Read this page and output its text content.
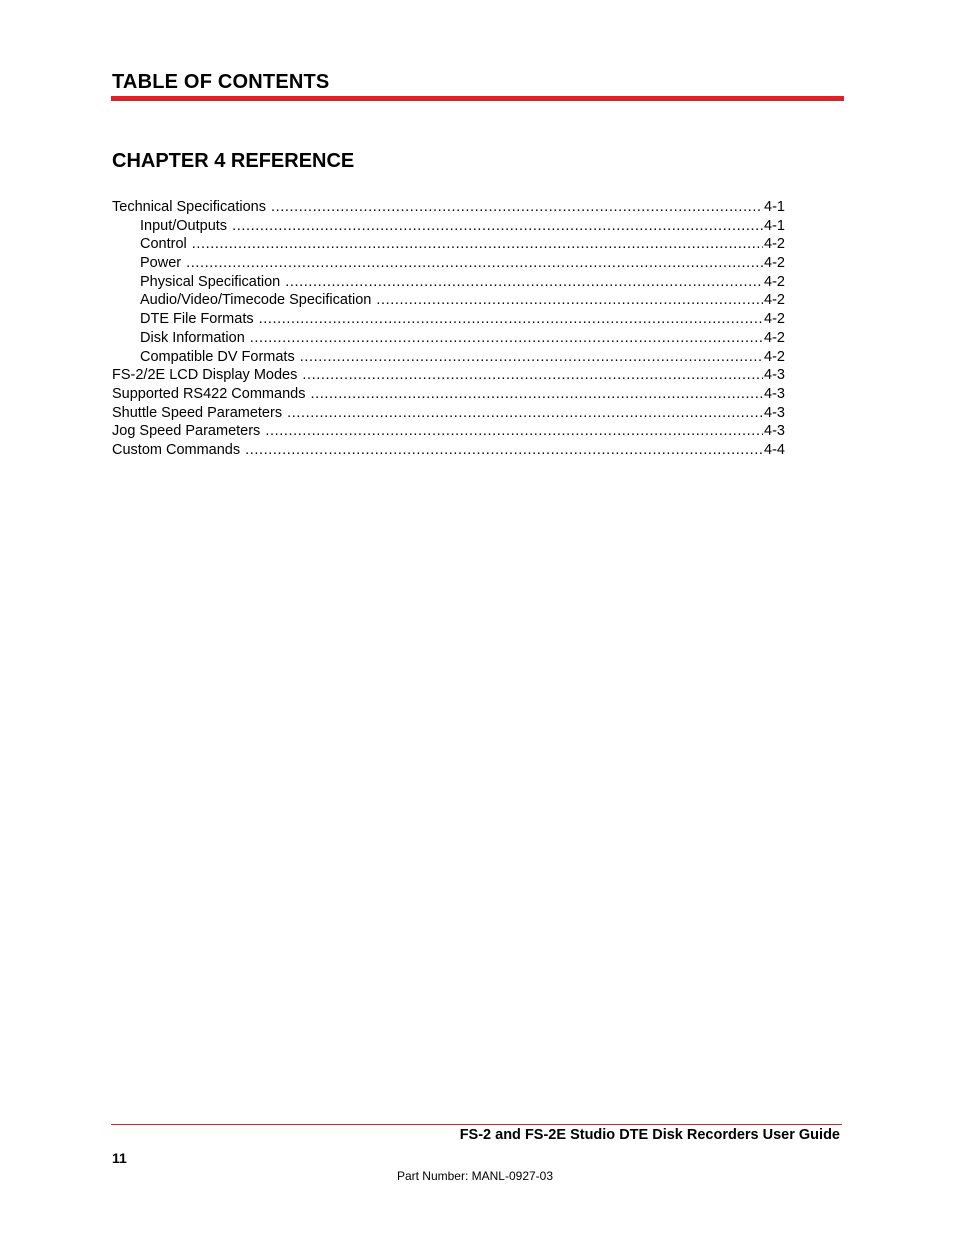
TABLE OF CONTENTS
CHAPTER 4 REFERENCE
Technical Specifications .....	4-1
Input/Outputs .....	4-1
Control .....	4-2
Power .....	4-2
Physical Specification .....	4-2
Audio/Video/Timecode Specification .....	4-2
DTE File Formats .....	4-2
Disk Information .....	4-2
Compatible DV Formats .....	4-2
FS-2/2E LCD Display Modes .....	4-3
Supported RS422 Commands .....	4-3
Shuttle Speed Parameters .....	4-3
Jog Speed Parameters .....	4-3
Custom Commands .....	4-4

FS-2 and FS-2E Studio DTE Disk Recorders User Guide

11

Part Number: MANL-0927-03
